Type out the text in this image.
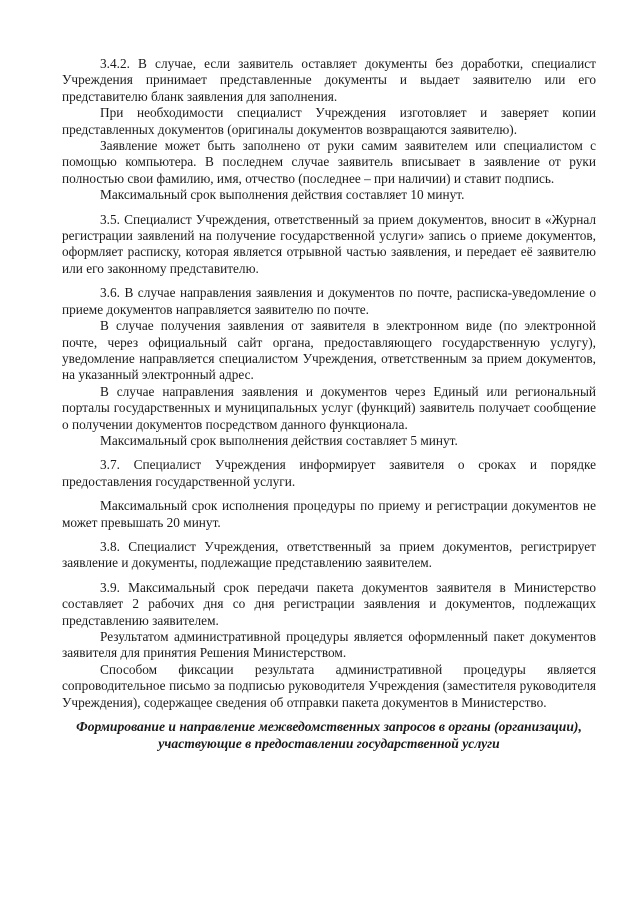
3.4.2. В случае, если заявитель оставляет документы без доработки, специалист Учреждения принимает представленные документы и выдает заявителю или его представителю бланк заявления для заполнения.

При необходимости специалист Учреждения изготовляет и заверяет копии представленных документов (оригиналы документов возвращаются заявителю).

Заявление может быть заполнено от руки самим заявителем или специалистом с помощью компьютера. В последнем случае заявитель вписывает в заявление от руки полностью свои фамилию, имя, отчество (последнее – при наличии) и ставит подпись.

Максимальный срок выполнения действия составляет 10 минут.

3.5. Специалист Учреждения, ответственный за прием документов, вносит в «Журнал регистрации заявлений на получение государственной услуги» запись о приеме документов, оформляет расписку, которая является отрывной частью заявления, и передает её заявителю или его законному представителю.

3.6. В случае направления заявления и документов по почте, расписка-уведомление о приеме документов направляется заявителю по почте.

В случае получения заявления от заявителя в электронном виде (по электронной почте, через официальный сайт органа, предоставляющего государственную услугу), уведомление направляется специалистом Учреждения, ответственным за прием документов, на указанный электронный адрес.

В случае направления заявления и документов через Единый или региональный порталы государственных и муниципальных услуг (функций) заявитель получает сообщение о получении документов посредством данного функционала.

Максимальный срок выполнения действия составляет 5 минут.

3.7. Специалист Учреждения информирует заявителя о сроках и порядке предоставления государственной услуги.

Максимальный срок исполнения процедуры по приему и регистрации документов не может превышать 20 минут.

3.8. Специалист Учреждения, ответственный за прием документов, регистрирует заявление и документы, подлежащие представлению заявителем.

3.9. Максимальный срок передачи пакета документов заявителя в Министерство составляет 2 рабочих дня со дня регистрации заявления и документов, подлежащих представлению заявителем.

Результатом административной процедуры является оформленный пакет документов заявителя для принятия Решения Министерством.

Способом фиксации результата административной процедуры является сопроводительное письмо за подписью руководителя Учреждения (заместителя руководителя Учреждения), содержащее сведения об отправки пакета документов в Министерство.

Формирование и направление межведомственных запросов в органы (организации), участвующие в предоставлении государственной услуги
